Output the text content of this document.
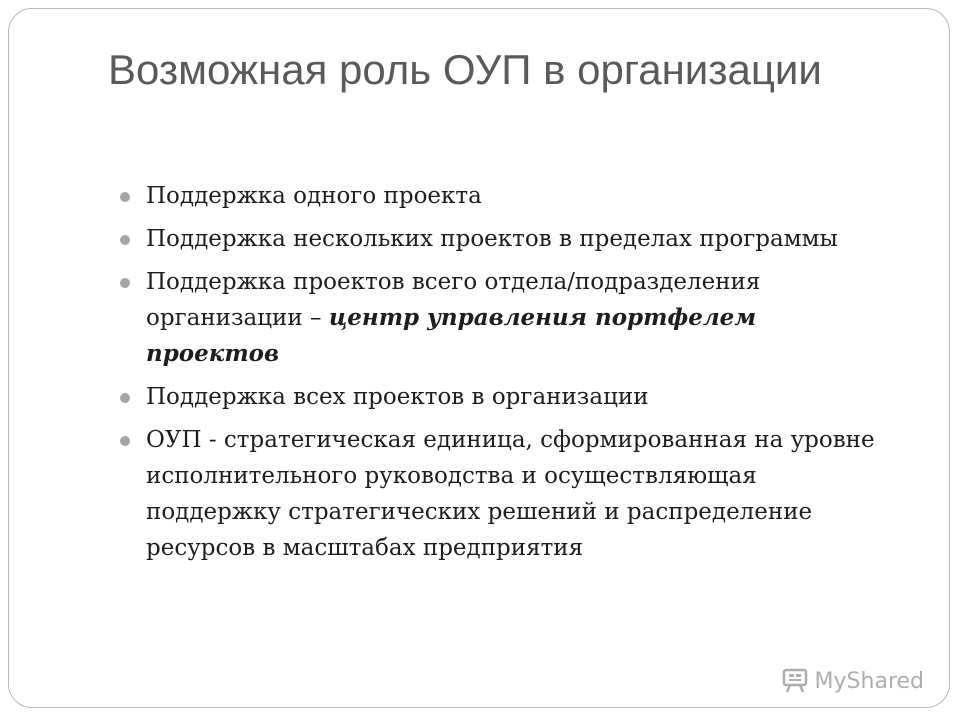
Возможная роль ОУП в организации
Поддержка одного проекта
Поддержка нескольких проектов в пределах программы
Поддержка проектов всего отдела/подразделения организации – центр управления портфелем проектов
Поддержка всех проектов в организации
ОУП - стратегическая единица, сформированная на уровне исполнительного руководства и осуществляющая поддержку стратегических решений и распределение ресурсов в масштабах предприятия
MyShared
